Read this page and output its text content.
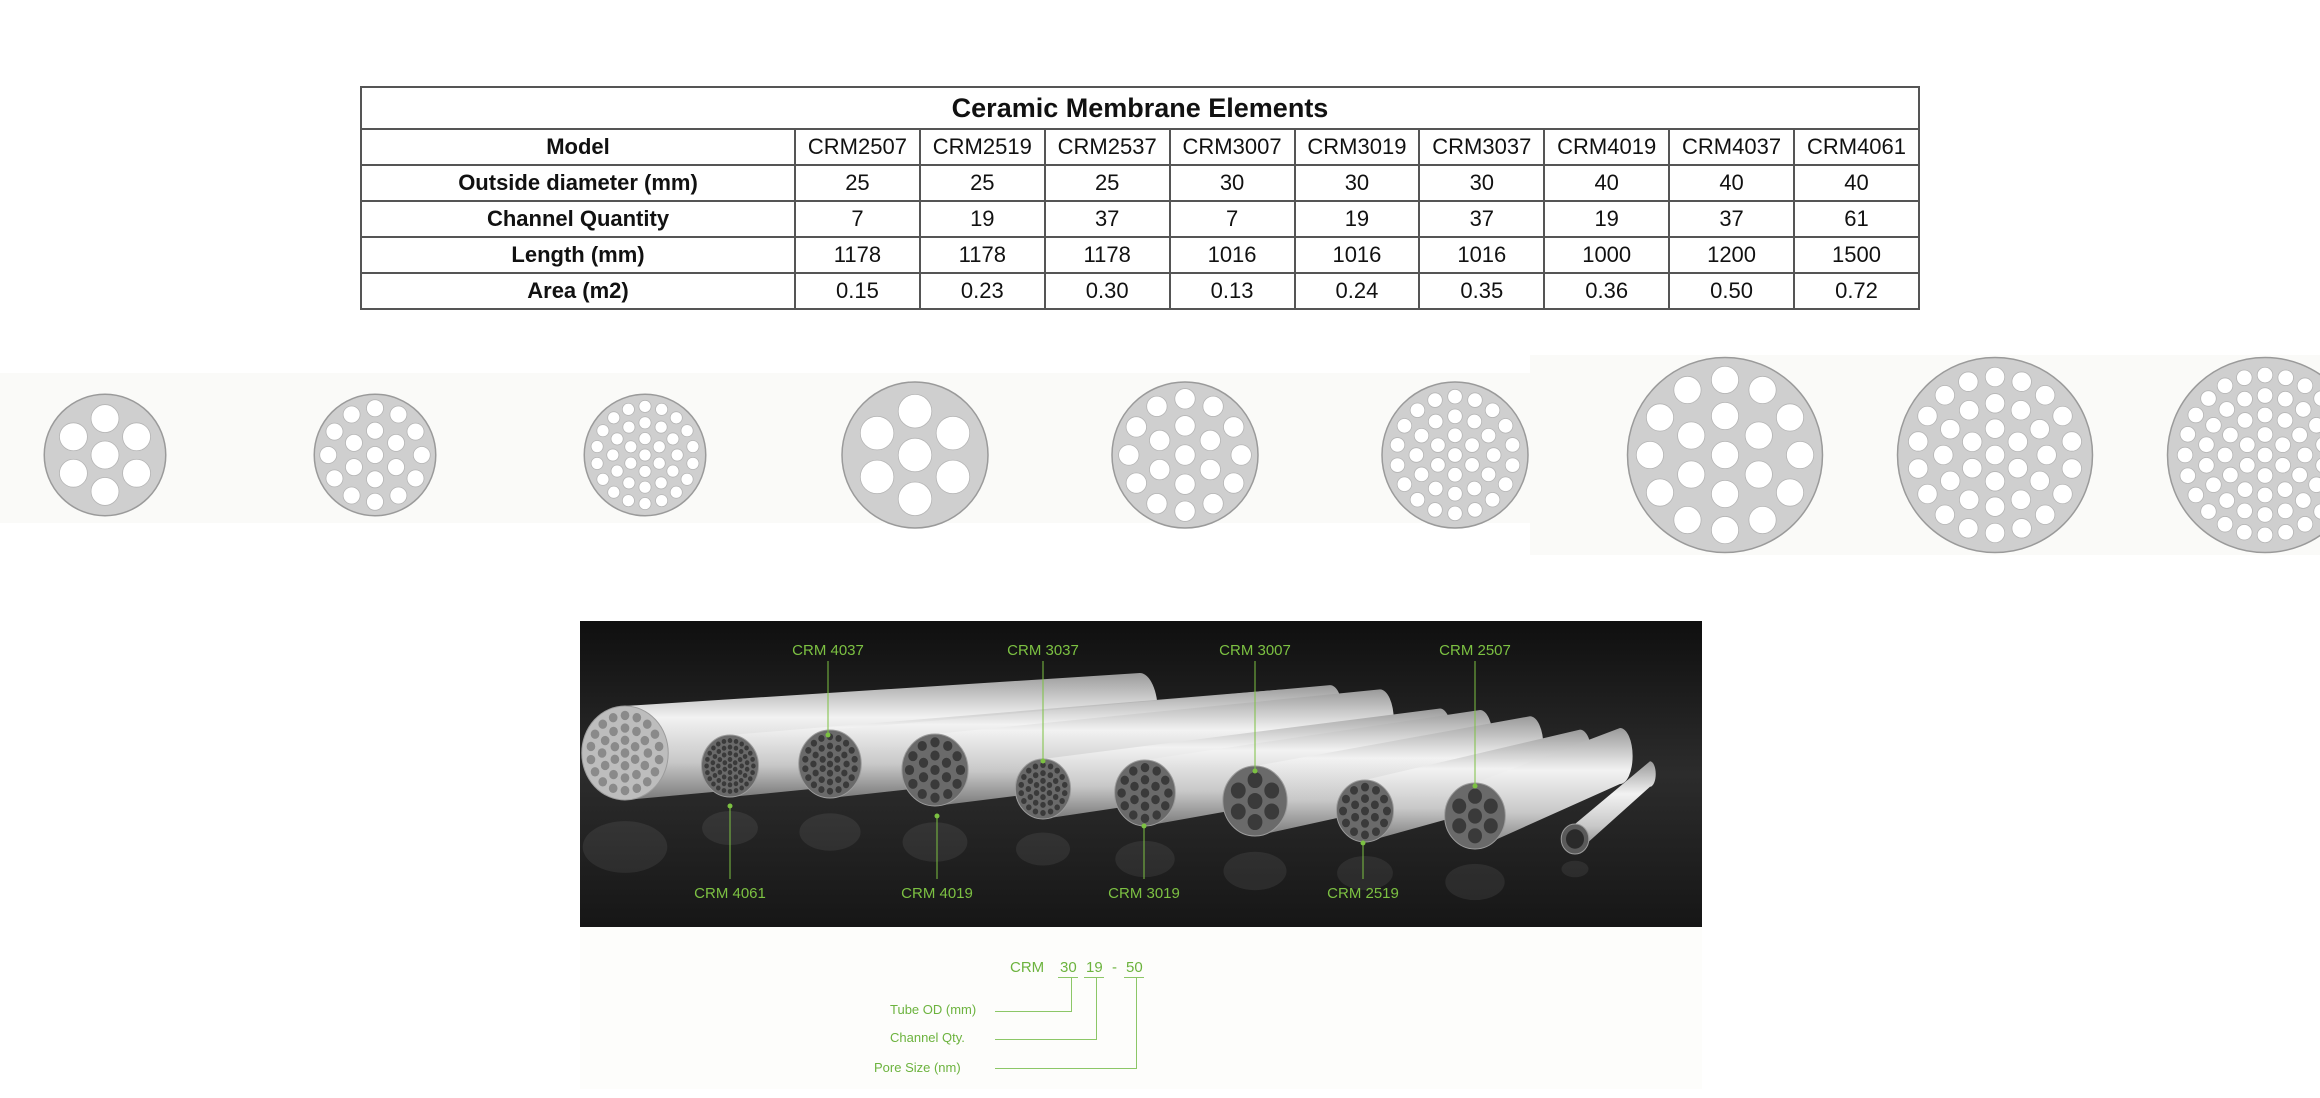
Ceramic Membrane Elements									
Model	CRM2507	CRM2519	CRM2537	CRM3007	CRM3019	CRM3037	CRM4019	CRM4037	CRM4061
Outside diameter (mm)	25	25	25	30	30	30	40	40	40
Channel Quantity	7	19	37	7	19	37	19	37	61
Length (mm)	1178	1178	1178	1016	1016	1016	1000	1200	1500
Area (m2)	0.15	0.23	0.30	0.13	0.24	0.35	0.36	0.50	0.72
CRM 4037	CRM 3037	CRM 3007	CRM 2507
CRM 4061	CRM 4019	CRM 3019	CRM 2519
CRM 30 19 - 50
Tube OD (mm)
Channel Qty.
Pore Size (nm)
